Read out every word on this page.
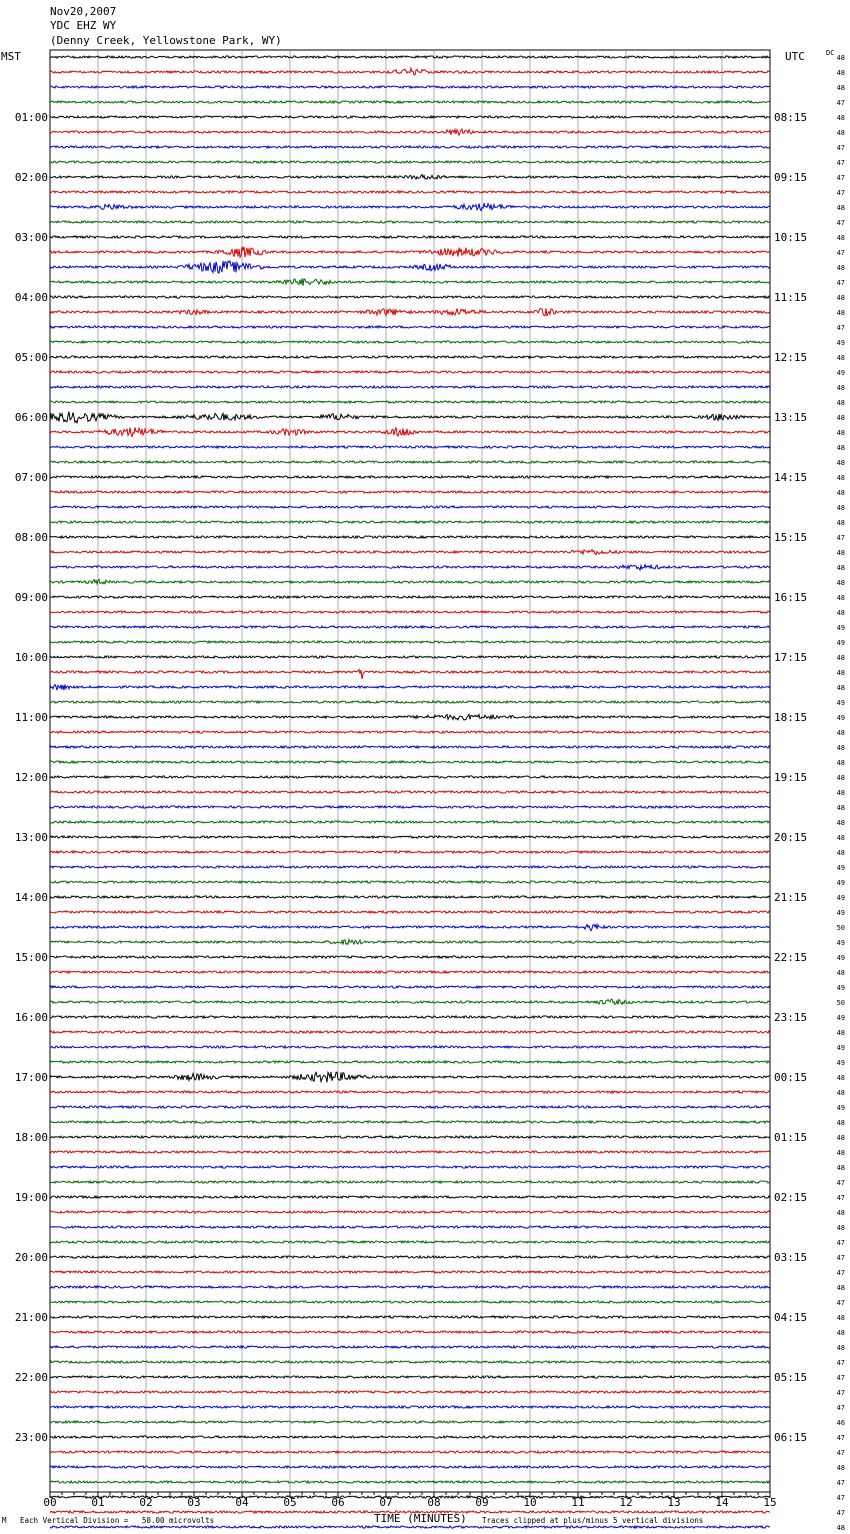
Nov20,2007
YDC EHZ WY
(Denny Creek, Yellowstone Park, WY)
MST	UTC	DC
00	01	02	03	04	05	06	07	08	09	10	11	12	13	14	15
48
48
48
47
48
48
47
47
47
47
48
47
48
47
48
47
48
48
47
49
48
49
48
48
48
48
48
48
48
48
48
48
47
48
48
48
48
48
49
49
48
48
48
49
49
48
48
48
48
48
48
48
48
48
49
49
49
49
50
49
49
48
49
50
49
48
49
49
48
48
49
48
48
48
48
47
47
48
48
47
47
47
48
47
48
48
48
47
47
47
47
46
47
47
48
47
47
47
48
01:00
02:00
03:00
04:00
05:00
06:00
07:00
08:00
09:00
10:00
11:00
12:00
13:00
14:00
15:00
16:00
17:00
18:00
19:00
20:00
21:00
22:00
23:00
08:15
09:15
10:15
11:15
12:15
13:15
14:15
15:15
16:15
17:15
18:15
19:15
20:15
21:15
22:15
23:15
00:15
01:15
02:15
03:15
04:15
05:15
06:15
TIME (MINUTES)
M Each Vertical Division =   50.00 microvolts	Traces clipped at plus/minus 5 vertical divisions
